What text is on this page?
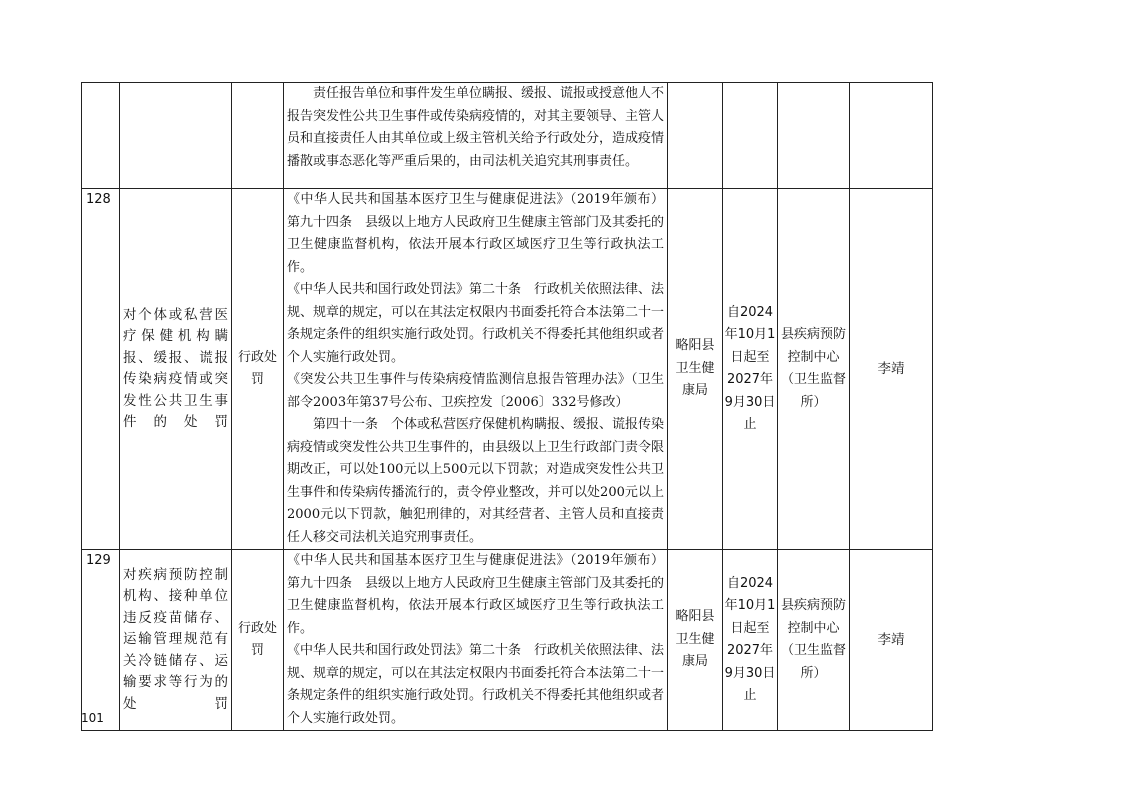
			责任报告单位和事件发生单位瞒报、缓报、谎报或授意他人不报告突发性公共卫生事件或传染病疫情的，对其主要领导、主管人员和直接责任人由其单位或上级主管机关给予行政处分，造成疫情播散或事态恶化等严重后果的，由司法机关追究其刑事责任。				

128	对个体或私营医疗保健机构瞒报、缓报、谎报传染病疫情或突发性公共卫生事件的处罚	行政处罚	《中华人民共和国基本医疗卫生与健康促进法》（2019年颁布）第九十四条　县级以上地方人民政府卫生健康主管部门及其委托的卫生健康监督机构，依法开展本行政区域医疗卫生等行政执法工作。
《中华人民共和国行政处罚法》第二十条　行政机关依照法律、法规、规章的规定，可以在其法定权限内书面委托符合本法第二十一条规定条件的组织实施行政处罚。行政机关不得委托其他组织或者个人实施行政处罚。
《突发公共卫生事件与传染病疫情监测信息报告管理办法》（卫生部令2003年第37号公布、卫疾控发〔2006〕332号修改）
第四十一条　个体或私营医疗保健机构瞒报、缓报、谎报传染病疫情或突发性公共卫生事件的，由县级以上卫生行政部门责令限期改正，可以处100元以上500元以下罚款；对造成突发性公共卫生事件和传染病传播流行的，责令停业整改，并可以处200元以上2000元以下罚款，触犯刑律的，对其经营者、主管人员和直接责任人移交司法机关追究刑事责任。	略阳县卫生健康局	自2024年10月1日起至2027年9月30日止	县疾病预防控制中心（卫生监督所）	李靖
129	对疾病预防控制机构、接种单位违反疫苗储存、运输管理规范有关冷链储存、运输要求等行为的处罚	行政处罚	《中华人民共和国基本医疗卫生与健康促进法》（2019年颁布）第九十四条　县级以上地方人民政府卫生健康主管部门及其委托的卫生健康监督机构，依法开展本行政区域医疗卫生等行政执法工作。
《中华人民共和国行政处罚法》第二十条　行政机关依照法律、法规、规章的规定，可以在其法定权限内书面委托符合本法第二十一条规定条件的组织实施行政处罚。行政机关不得委托其他组织或者个人实施行政处罚。	略阳县卫生健康局	自2024年10月1日起至2027年9月30日止	县疾病预防控制中心（卫生监督所）	李靖
101
